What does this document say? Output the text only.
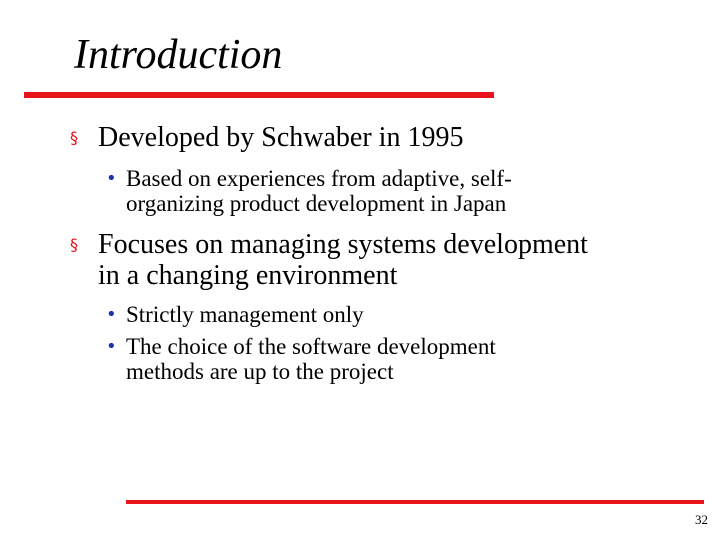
Introduction
§ Developed by Schwaber in 1995
• Based on experiences from adaptive, self-
organizing product development in Japan
§ Focuses on managing systems development
in a changing environment
• Strictly management only
• The choice of the software development
methods are up to the project
32
